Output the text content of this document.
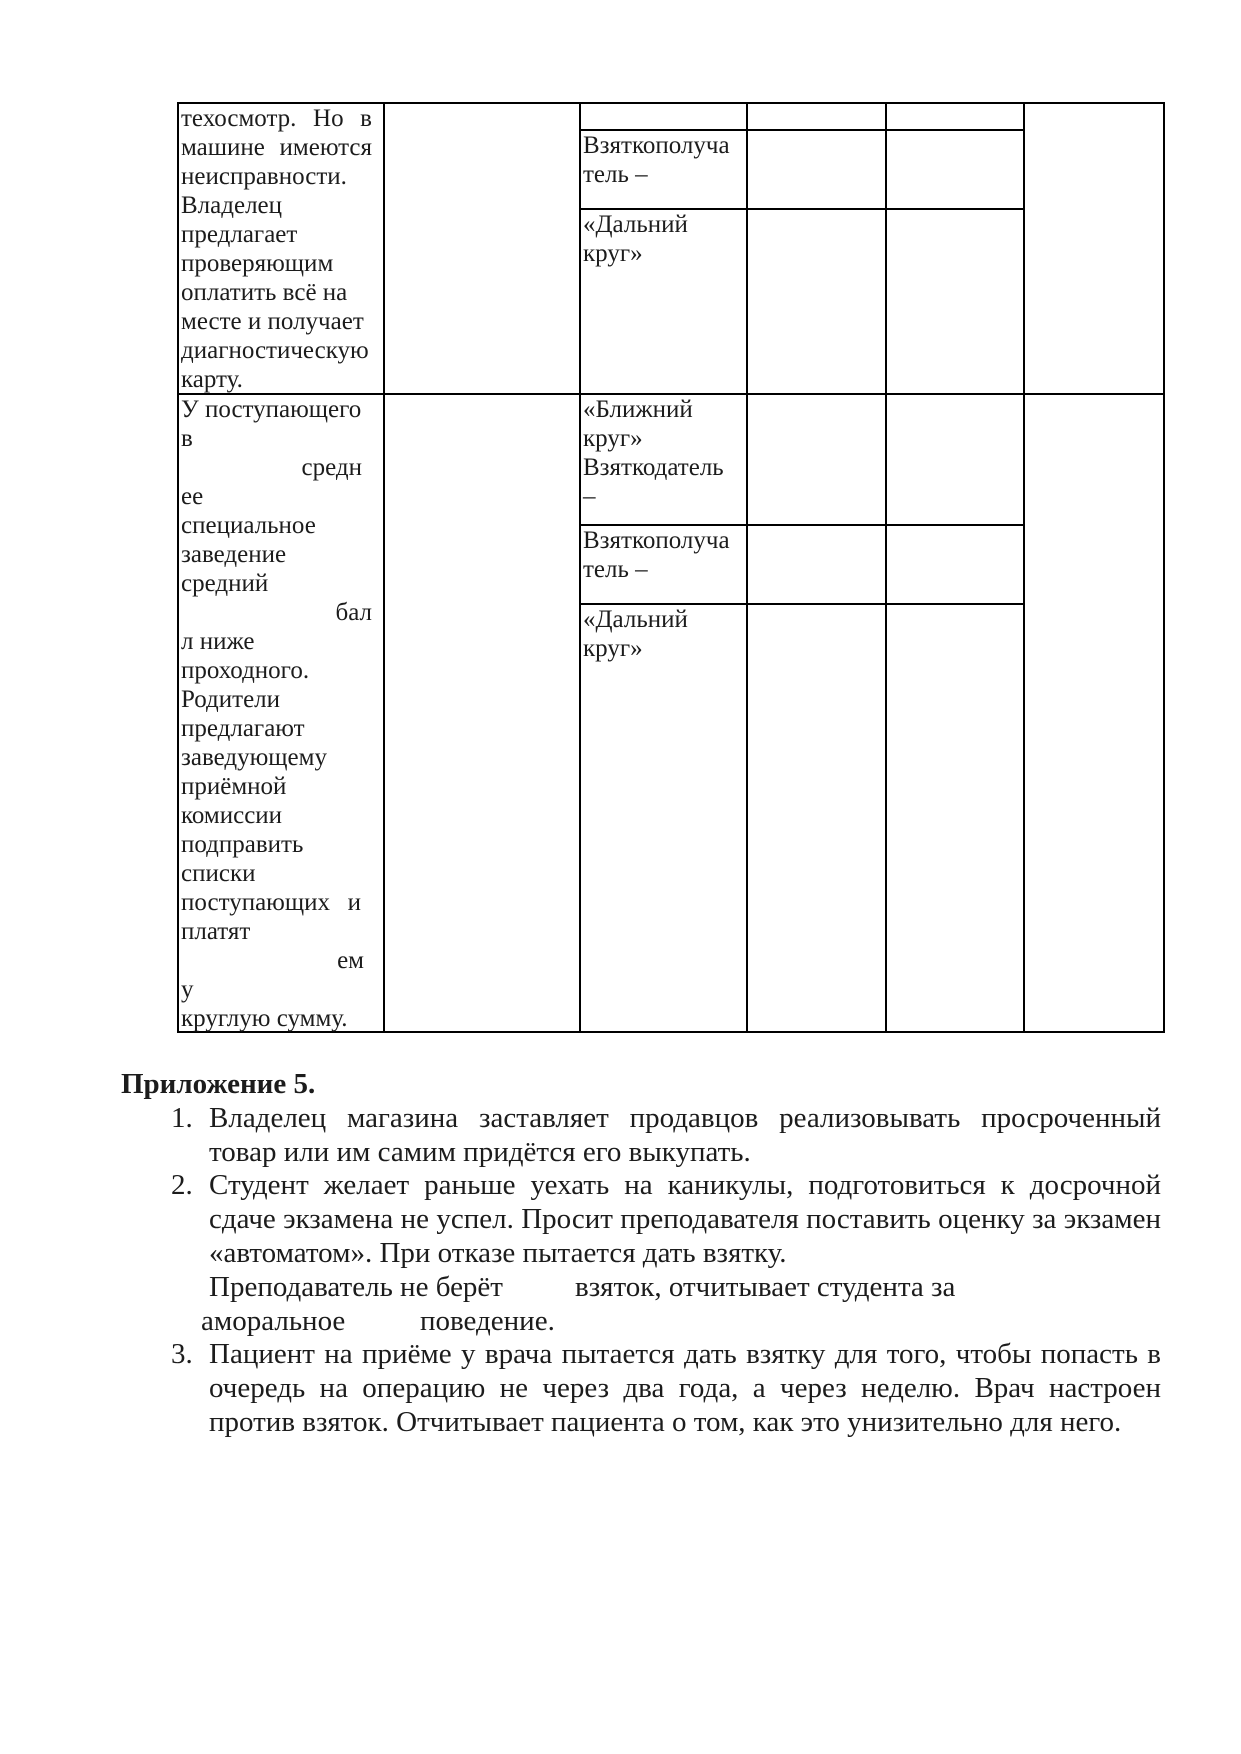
техосмотр. Но в
машине имеются
неисправности.
Владелец
предлагает
проверяющим
оплатить всё на
месте и получает
диагностическую
карту.
Взяткополуча
тель –
«Дальний
круг»
У поступающего
в
средн
ее
специальное
заведение
средний
бал
л ниже
проходного.
Родители
предлагают
заведующему
приёмной
комиссии
подправить
списки
поступающих и
платят
ем
у
круглую сумму.
«Ближний
круг»
Взяткодатель
–
Взяткополуча
тель –
«Дальний
круг»
Приложение 5.
1. Владелец магазина заставляет продавцов реализовывать просроченный
товар или им самим придётся его выкупать.
2. Студент желает раньше уехать на каникулы, подготовиться к досрочной
сдаче экзамена не успел. Просит преподавателя поставить оценку за экзамен
«автоматом». При отказе пытается дать взятку.
Преподаватель не берёт взяток, отчитывает студента за
аморальное	поведение.
3. Пациент на приёме у врача пытается дать взятку для того, чтобы попасть в
очередь на операцию не через два года, а через неделю. Врач настроен
против взяток. Отчитывает пациента о том, как это унизительно для него.
